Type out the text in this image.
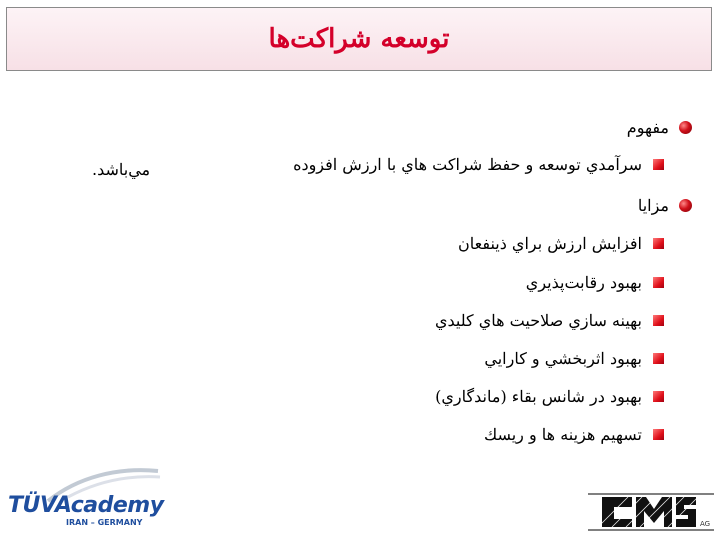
توسعه شراکت‌ها
مفهوم
سرآمدي توسعه و حفظ شراکت هاي با ارزش افزوده
مي‌باشد.
مزايا
افزايش ارزش براي ذينفعان
بهبود رقابت‌پذيري
بهينه سازي صلاحيت هاي کليدي
بهبود اثربخشي و کارايي
بهبود در شانس بقاء (ماندگاري)
تسهيم هزينه ها و ريسك
TÜVAcademy
IRAN – GERMANY	AG
